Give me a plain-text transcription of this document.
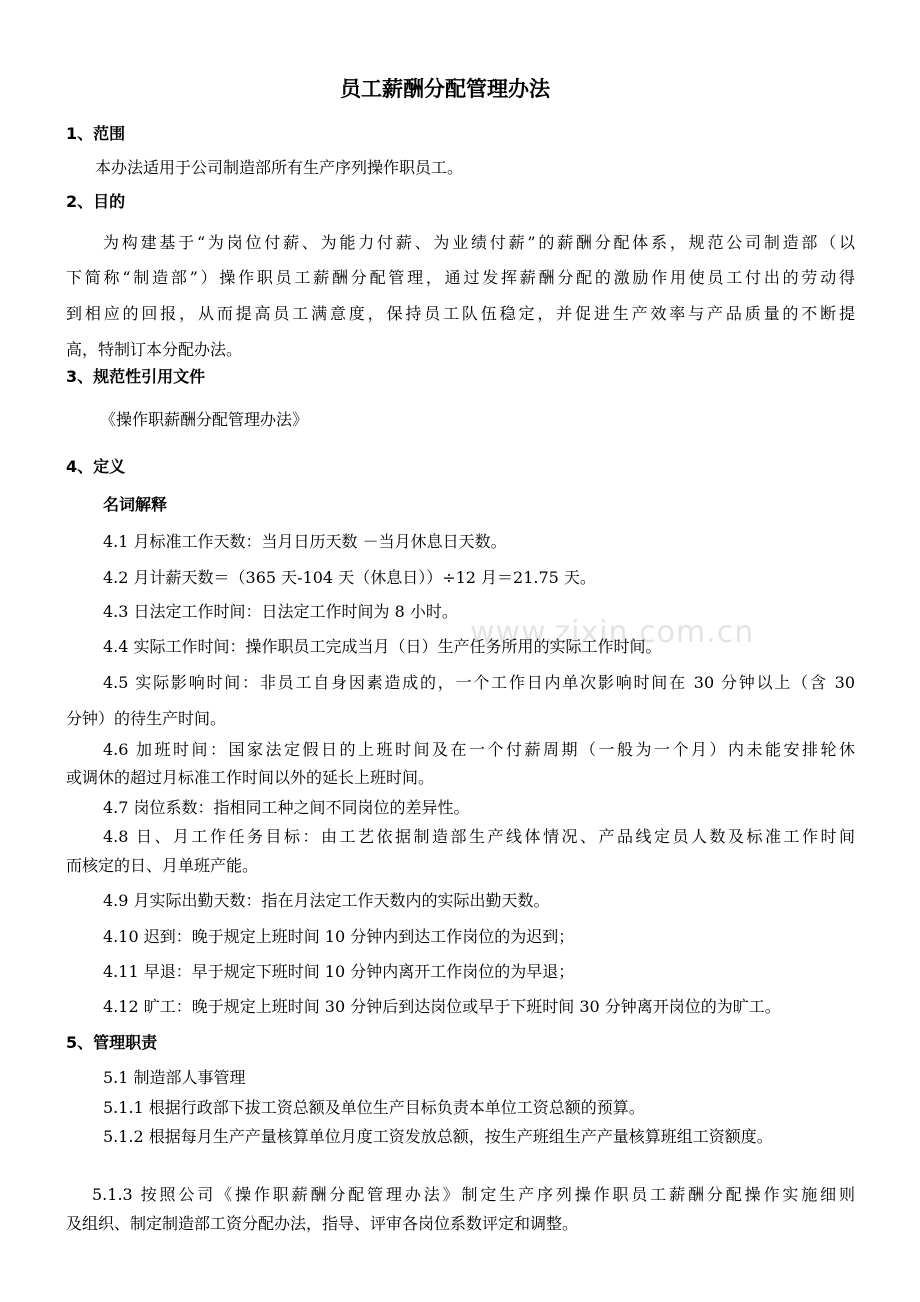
www.zixin.com.cn
员工薪酬分配管理办法
1、范围
本办法适用于公司制造部所有生产序列操作职员工。
2、目的
为构建基于“为岗位付薪、为能力付薪、为业绩付薪”的薪酬分配体系，规范公司制造部（以
下简称“制造部”）操作职员工薪酬分配管理，通过发挥薪酬分配的激励作用使员工付出的劳动得
到相应的回报，从而提高员工满意度，保持员工队伍稳定，并促进生产效率与产品质量的不断提
高，特制订本分配办法。
3、规范性引用文件
《操作职薪酬分配管理办法》
4、定义
名词解释
4.1 月标准工作天数：当月日历天数 －当月休息日天数。
4.2 月计薪天数＝（365 天-104 天（休息日））÷12 月＝21.75 天。
4.3 日法定工作时间：日法定工作时间为 8 小时。
4.4 实际工作时间：操作职员工完成当月（日）生产任务所用的实际工作时间。
4.5 实际影响时间：非员工自身因素造成的，一个工作日内单次影响时间在 30 分钟以上（含 30
分钟）的待生产时间。
4.6 加班时间：国家法定假日的上班时间及在一个付薪周期（一般为一个月）内未能安排轮休
或调休的超过月标准工作时间以外的延长上班时间。
4.7 岗位系数：指相同工种之间不同岗位的差异性。
4.8 日、月工作任务目标：由工艺依据制造部生产线体情况、产品线定员人数及标准工作时间
而核定的日、月单班产能。
4.9 月实际出勤天数：指在月法定工作天数内的实际出勤天数。
4.10 迟到：晚于规定上班时间 10 分钟内到达工作岗位的为迟到；
4.11 早退：早于规定下班时间 10 分钟内离开工作岗位的为早退；
4.12 旷工：晚于规定上班时间 30 分钟后到达岗位或早于下班时间 30 分钟离开岗位的为旷工。
5、管理职责
5.1 制造部人事管理
5.1.1 根据行政部下拔工资总额及单位生产目标负责本单位工资总额的预算。
5.1.2 根据每月生产产量核算单位月度工资发放总额，按生产班组生产产量核算班组工资额度。
5.1.3 按照公司《操作职薪酬分配管理办法》制定生产序列操作职员工薪酬分配操作实施细则
及组织、制定制造部工资分配办法，指导、评审各岗位系数评定和调整。
